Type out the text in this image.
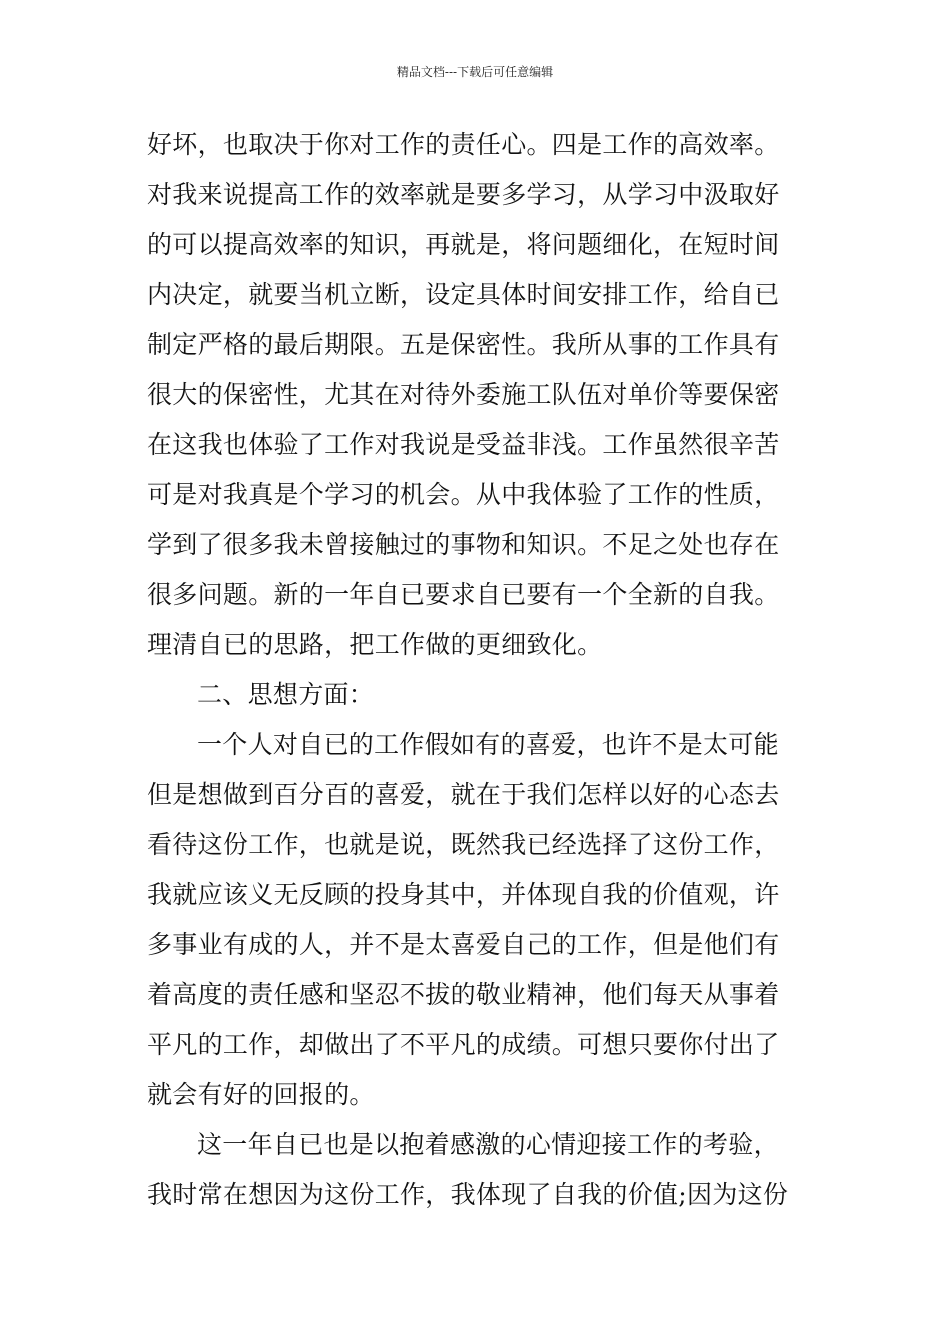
精品文档---下载后可任意编辑
好坏，也取决于你对工作的责任心。四是工作的高效率。
对我来说提高工作的效率就是要多学习，从学习中汲取好
的可以提高效率的知识，再就是，将问题细化，在短时间
内决定，就要当机立断，设定具体时间安排工作，给自已
制定严格的最后期限。五是保密性。我所从事的工作具有
很大的保密性，尤其在对待外委施工队伍对单价等要保密
在这我也体验了工作对我说是受益非浅。工作虽然很辛苦
可是对我真是个学习的机会。从中我体验了工作的性质，
学到了很多我未曾接触过的事物和知识。不足之处也存在
很多问题。新的一年自已要求自已要有一个全新的自我。
理清自已的思路，把工作做的更细致化。
二、思想方面：
一个人对自已的工作假如有的喜爱，也许不是太可能
但是想做到百分百的喜爱，就在于我们怎样以好的心态去
看待这份工作，也就是说，既然我已经选择了这份工作，
我就应该义无反顾的投身其中，并体现自我的价值观，许
多事业有成的人，并不是太喜爱自己的工作，但是他们有
着高度的责任感和坚忍不拔的敬业精神，他们每天从事着
平凡的工作，却做出了不平凡的成绩。可想只要你付出了
就会有好的回报的。
这一年自已也是以抱着感激的心情迎接工作的考验，
我时常在想因为这份工作，我体现了自我的价值;因为这份
